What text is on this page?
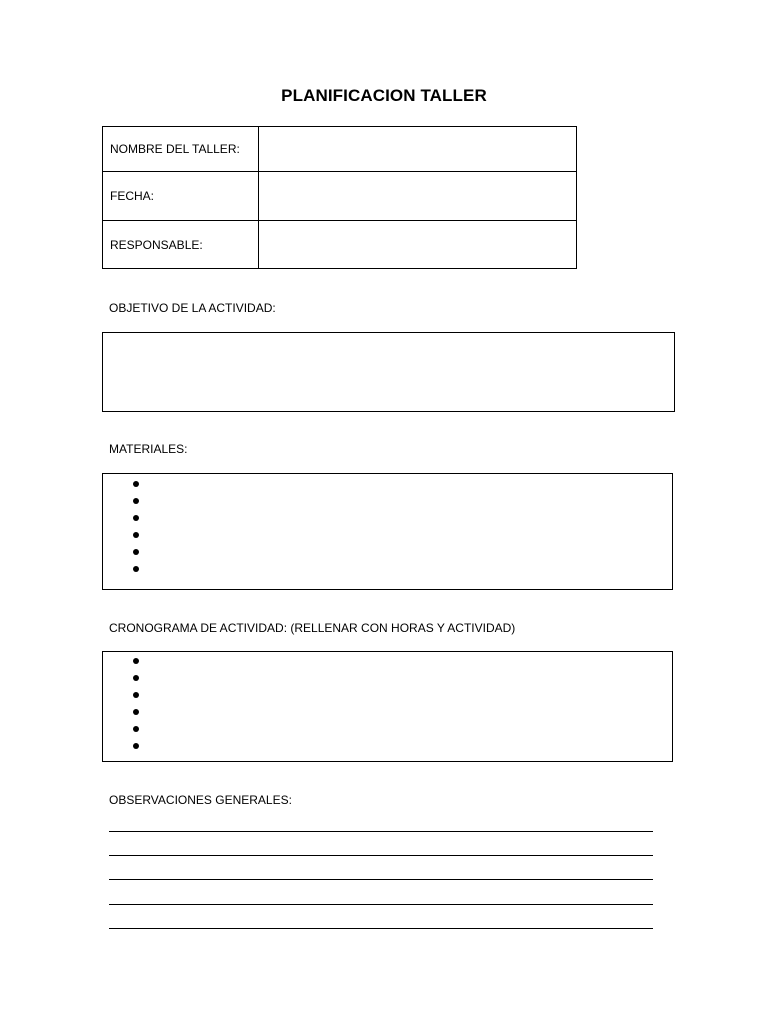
PLANIFICACION TALLER
NOMBRE DEL TALLER:	
FECHA:	
RESPONSABLE:	
OBJETIVO DE LA ACTIVIDAD:
MATERIALES:
CRONOGRAMA DE ACTIVIDAD: (RELLENAR CON HORAS Y ACTIVIDAD)
OBSERVACIONES GENERALES:
